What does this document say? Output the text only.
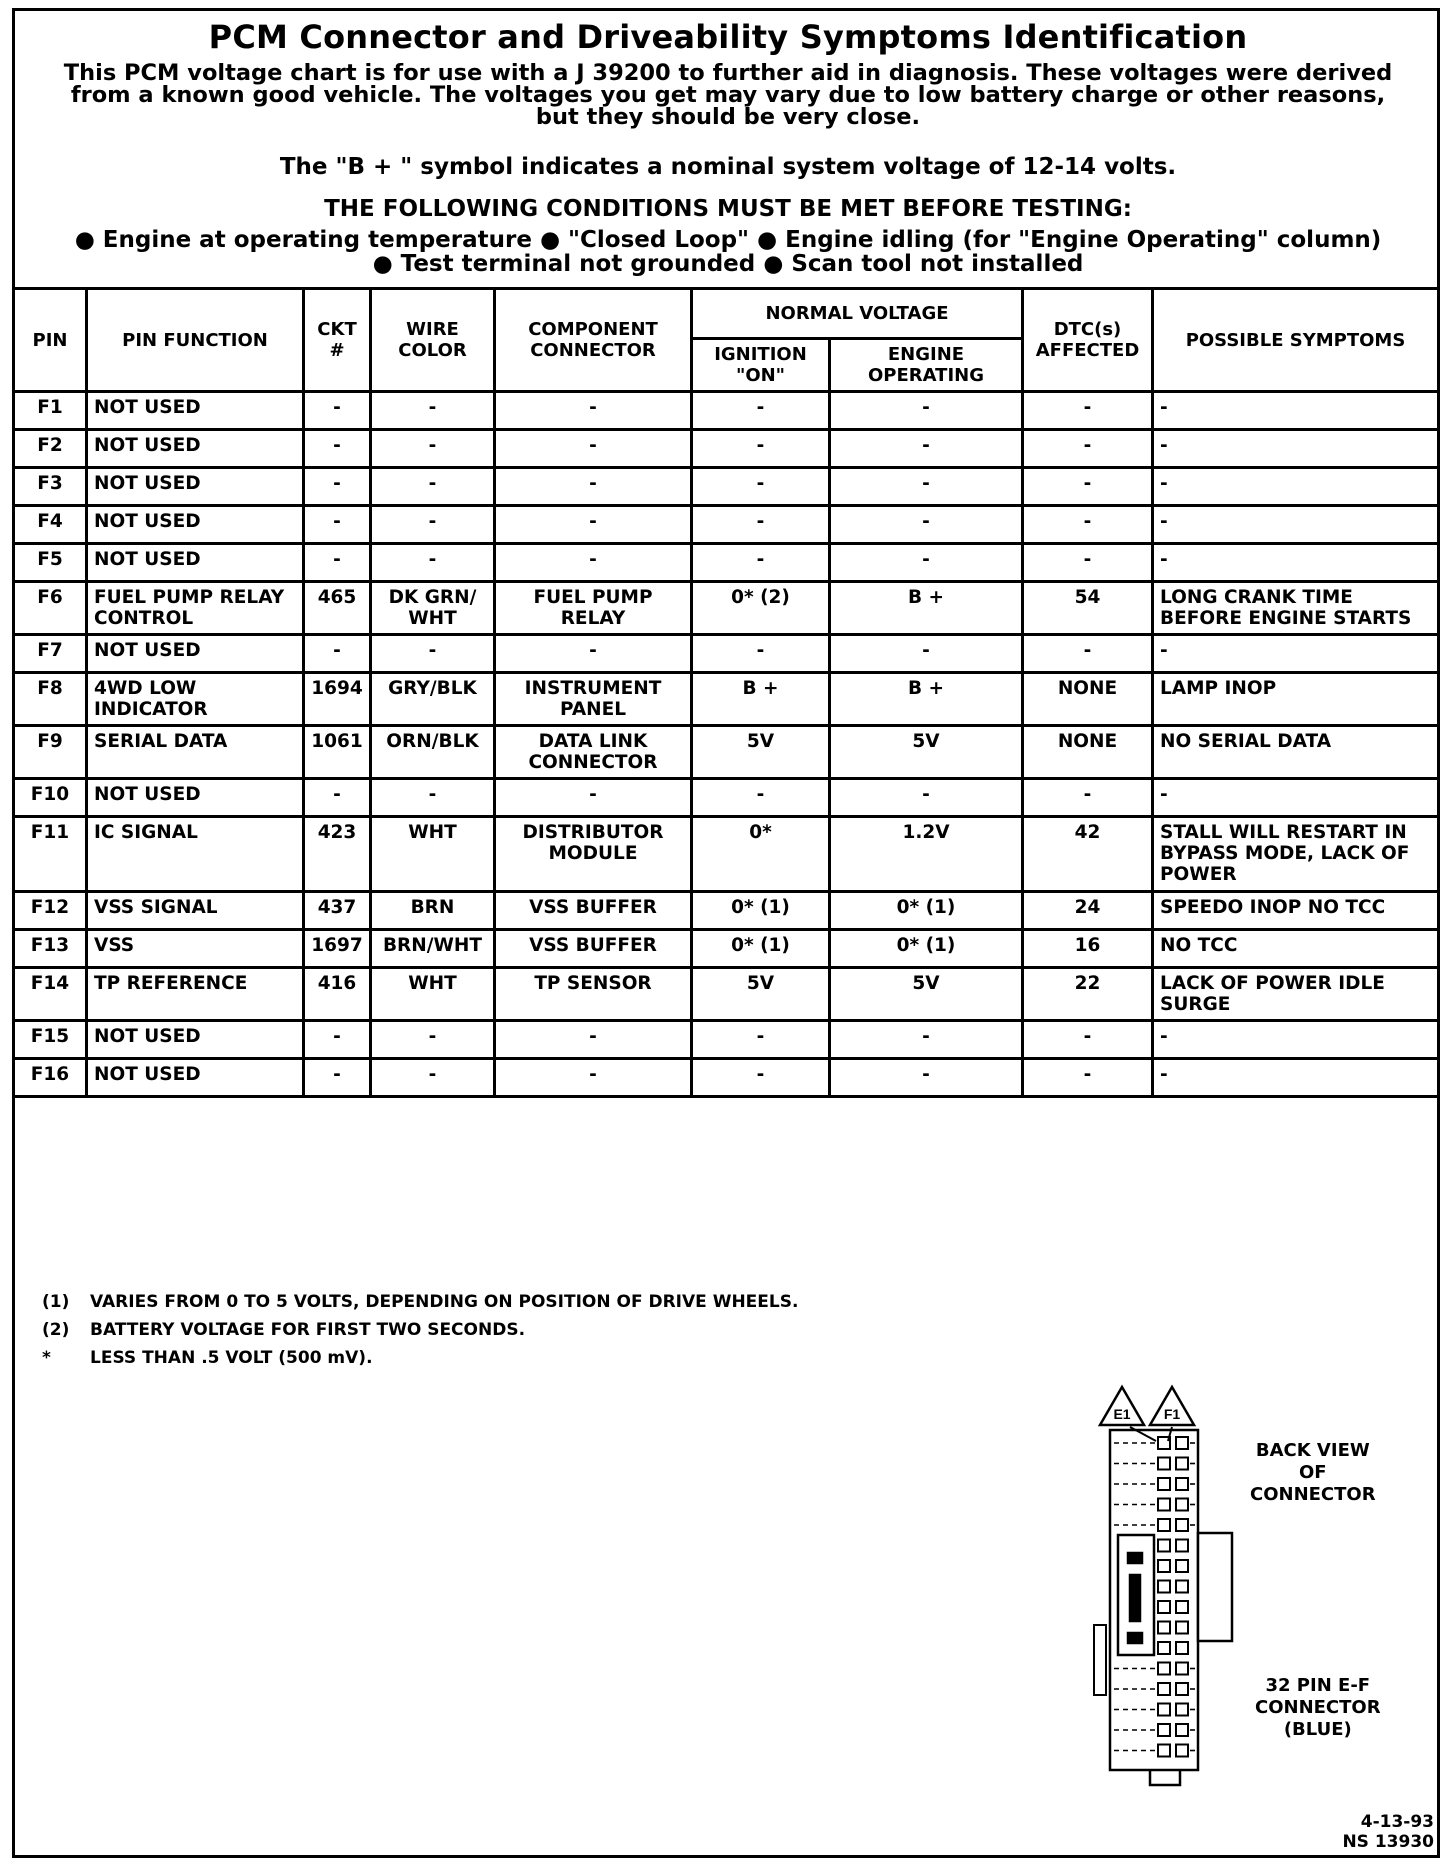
PCM Connector and Driveability Symptoms Identification
This PCM voltage chart is for use with a J 39200 to further aid in diagnosis. These voltages were derived
from a known good vehicle. The voltages you get may vary due to low battery charge or other reasons,
but they should be very close.
The "B + " symbol indicates a nominal system voltage of 12-14 volts.
THE FOLLOWING CONDITIONS MUST BE MET BEFORE TESTING:
● Engine at operating temperature ● "Closed Loop" ● Engine idling (for "Engine Operating" column)
● Test terminal not grounded ● Scan tool not installed
PIN	PIN FUNCTION	CKT #	WIRE COLOR	COMPONENT CONNECTOR	NORMAL VOLTAGE		DTC(s) AFFECTED	POSSIBLE SYMPTOMS
					IGNITION "ON"	ENGINE OPERATING		
F1	NOT USED	-	-	-	-	-	-	-
F2	NOT USED	-	-	-	-	-	-	-
F3	NOT USED	-	-	-	-	-	-	-
F4	NOT USED	-	-	-	-	-	-	-
F5	NOT USED	-	-	-	-	-	-	-
F6	FUEL PUMP RELAY CONTROL	465	DK GRN/ WHT	FUEL PUMP RELAY	0* (2)	B +	54	LONG CRANK TIME BEFORE ENGINE STARTS
F7	NOT USED	-	-	-	-	-	-	-
F8	4WD LOW INDICATOR	1694	GRY/BLK	INSTRUMENT PANEL	B +	B +	NONE	LAMP INOP
F9	SERIAL DATA	1061	ORN/BLK	DATA LINK CONNECTOR	5V	5V	NONE	NO SERIAL DATA
F10	NOT USED	-	-	-	-	-	-	-
F11	IC SIGNAL	423	WHT	DISTRIBUTOR MODULE	0*	1.2V	42	STALL WILL RESTART IN BYPASS MODE, LACK OF POWER
F12	VSS SIGNAL	437	BRN	VSS BUFFER	0* (1)	0* (1)	24	SPEEDO INOP NO TCC
F13	VSS	1697	BRN/WHT	VSS BUFFER	0* (1)	0* (1)	16	NO TCC
F14	TP REFERENCE	416	WHT	TP SENSOR	5V	5V	22	LACK OF POWER IDLE SURGE
F15	NOT USED	-	-	-	-	-	-	-
F16	NOT USED	-	-	-	-	-	-	-
(1) VARIES FROM 0 TO 5 VOLTS, DEPENDING ON POSITION OF DRIVE WHEELS.
(2) BATTERY VOLTAGE FOR FIRST TWO SECONDS.
* LESS THAN .5 VOLT (500 mV).
E1 F1
BACK VIEW
OF
CONNECTOR
32 PIN E-F
CONNECTOR
(BLUE)
4-13-93
NS 13930
